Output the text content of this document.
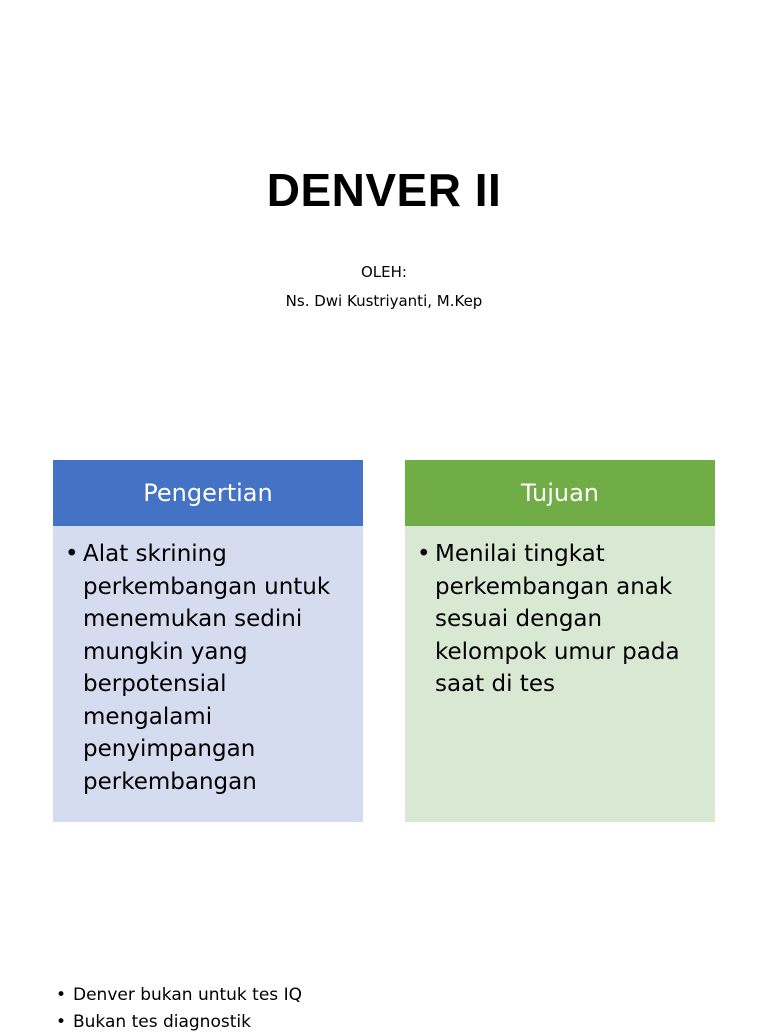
DENVER II
OLEH:
Ns. Dwi Kustriyanti, M.Kep
Pengertian
• Alat skrining perkembangan untuk menemukan sedini mungkin yang berpotensial mengalami penyimpangan perkembangan
Tujuan
• Menilai tingkat perkembangan anak sesuai dengan kelompok umur pada saat di tes
• Denver bukan untuk tes IQ
• Bukan tes diagnostik
